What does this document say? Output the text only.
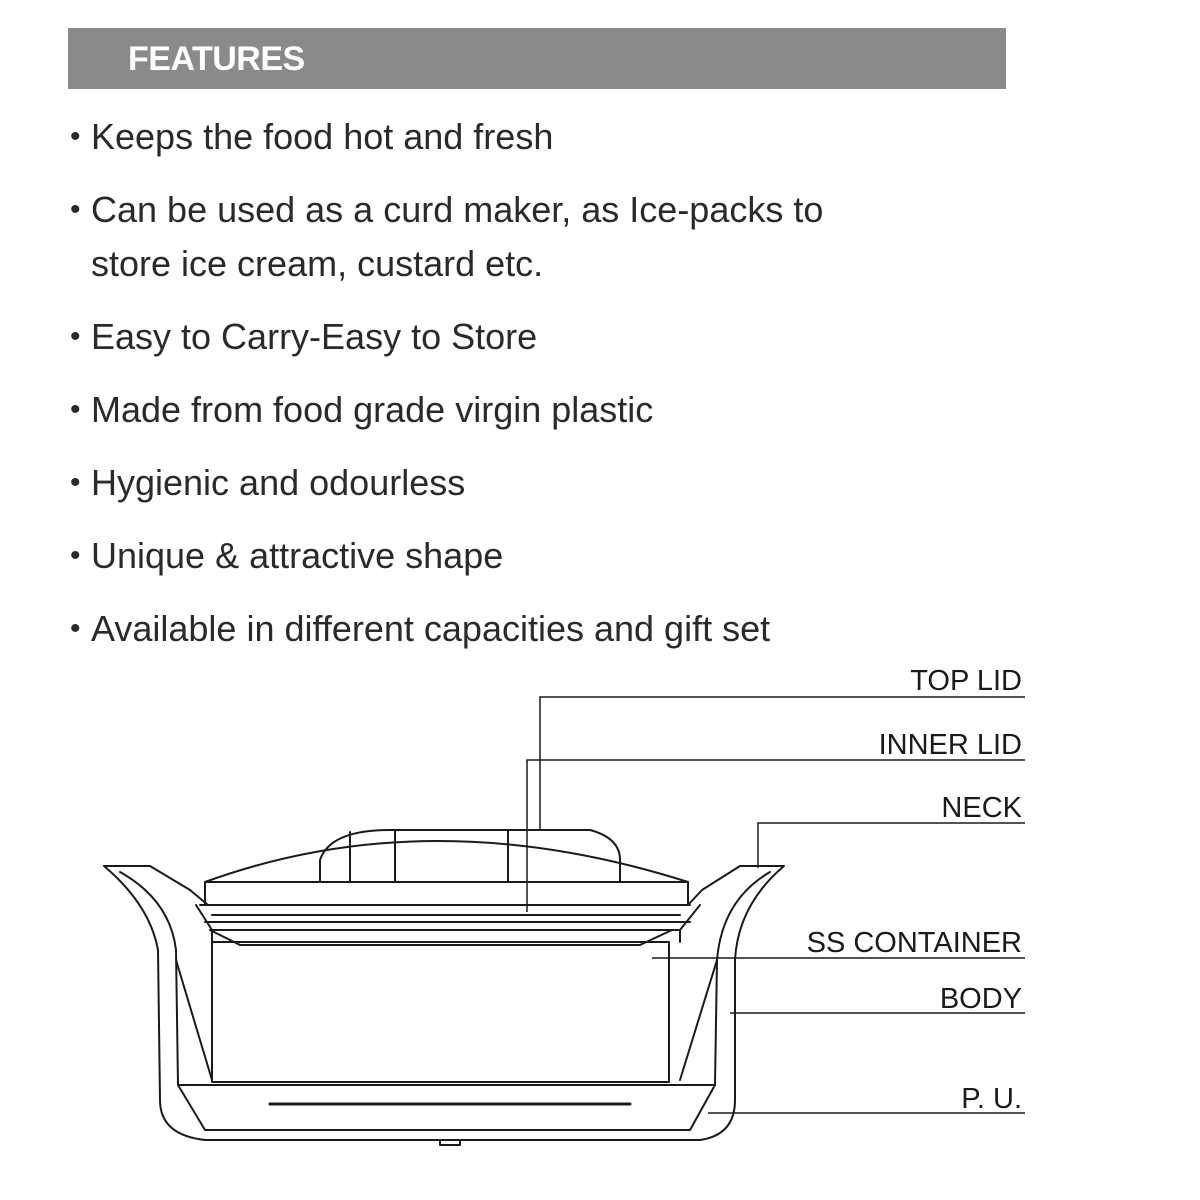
FEATURES
• Keeps the food hot and fresh
• Can be used as a curd maker, as Ice-packs to store ice cream, custard etc.
• Easy to Carry-Easy to Store
• Made from food grade virgin plastic
• Hygienic and odourless
• Unique & attractive shape
• Available in different capacities and gift set
TOP LID
INNER LID
NECK
SS CONTAINER
BODY
P. U.
